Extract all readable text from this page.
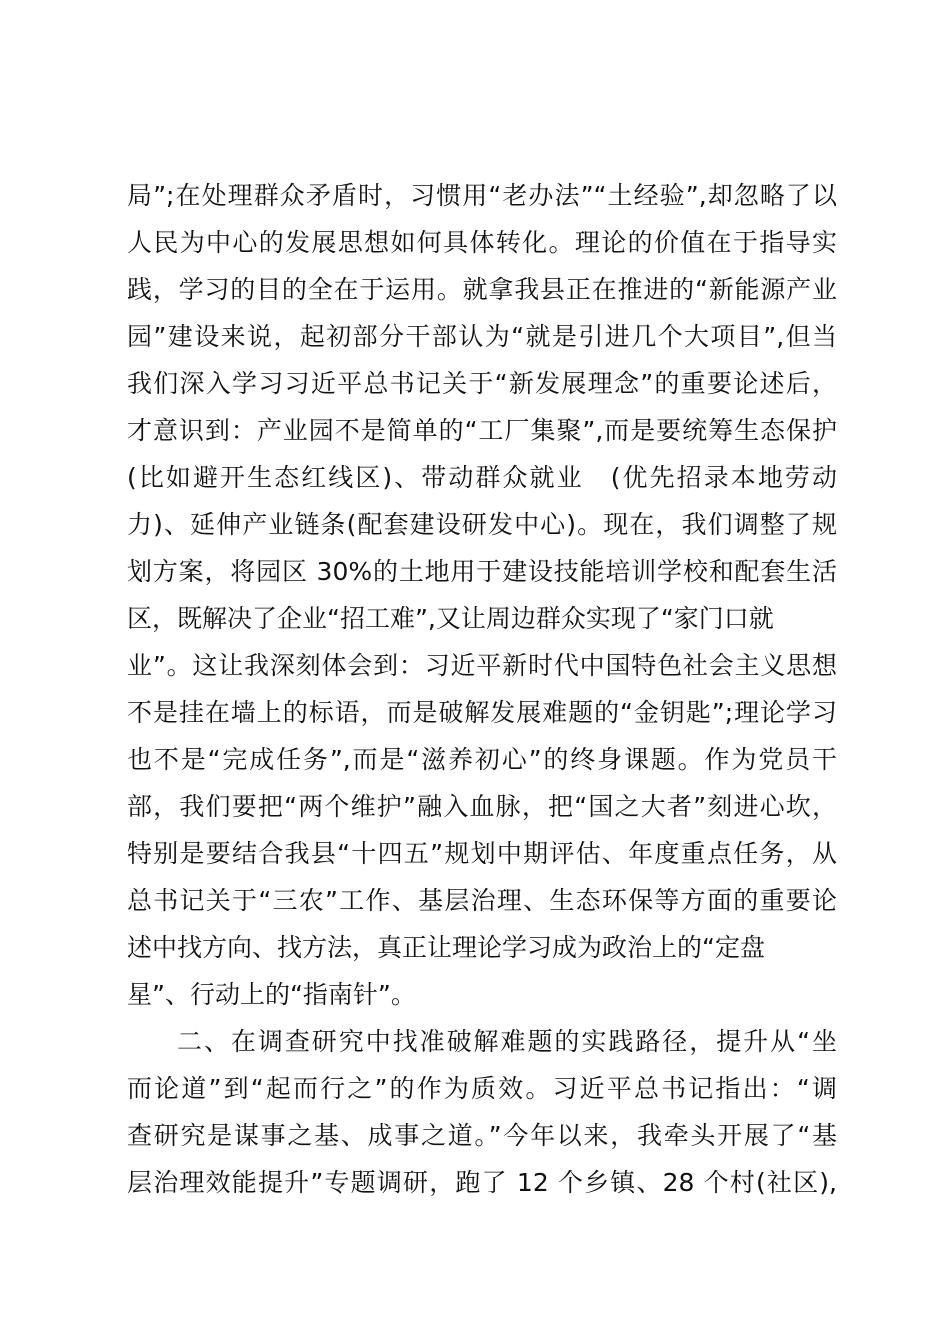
局”;在处理群众矛盾时，习惯用“老办法”“土经验”,却忽略了以
人民为中心的发展思想如何具体转化。理论的价值在于指导实
践，学习的目的全在于运用。就拿我县正在推进的“新能源产业
园”建设来说，起初部分干部认为“就是引进几个大项目”,但当
我们深入学习习近平总书记关于“新发展理念”的重要论述后，
才意识到：产业园不是简单的“工厂集聚”,而是要统筹生态保护
(比如避开生态红线区)、带动群众就业　(优先招录本地劳动
力)、延伸产业链条(配套建设研发中心)。现在，我们调整了规
划方案，将园区 30%的土地用于建设技能培训学校和配套生活
区，既解决了企业“招工难”,又让周边群众实现了“家门口就
业”。这让我深刻体会到：习近平新时代中国特色社会主义思想
不是挂在墙上的标语，而是破解发展难题的“金钥匙”;理论学习
也不是“完成任务”,而是“滋养初心”的终身课题。作为党员干
部，我们要把“两个维护”融入血脉，把“国之大者”刻进心坎，
特别是要结合我县“十四五”规划中期评估、年度重点任务，从
总书记关于“三农”工作、基层治理、生态环保等方面的重要论
述中找方向、找方法，真正让理论学习成为政治上的“定盘
星”、行动上的“指南针”。
二、在调查研究中找准破解难题的实践路径，提升从“坐
而论道”到“起而行之”的作为质效。习近平总书记指出：“调
查研究是谋事之基、成事之道。”今年以来，我牵头开展了“基
层治理效能提升”专题调研，跑了 12 个乡镇、28 个村(社区),
